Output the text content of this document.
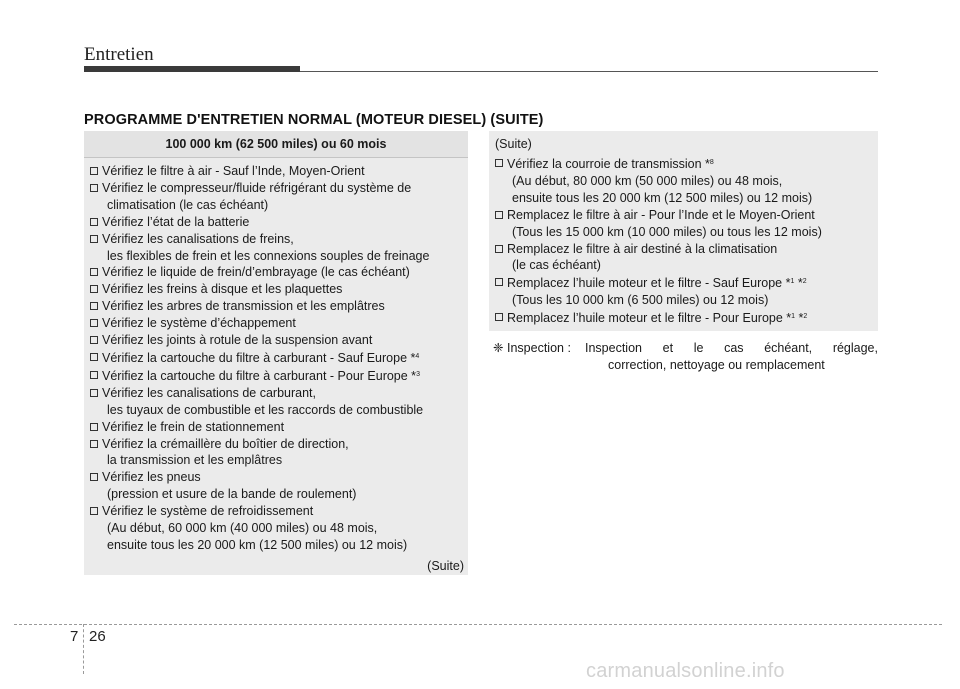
Entretien
PROGRAMME D'ENTRETIEN NORMAL (MOTEUR DIESEL) (SUITE)
100 000 km (62 500 miles) ou 60 mois
Vérifiez le filtre à air - Sauf l’Inde, Moyen-Orient
Vérifiez le compresseur/fluide réfrigérant du système de
climatisation (le cas échéant)
Vérifiez l’état de la batterie
Vérifiez les canalisations de freins,
les flexibles de frein et les connexions souples de freinage
Vérifiez le liquide de frein/d’embrayage (le cas échéant)
Vérifiez les freins à disque et les plaquettes
Vérifiez les arbres de transmission et les emplâtres
Vérifiez le système d’échappement
Vérifiez les joints à rotule de la suspension avant
Vérifiez la cartouche du filtre à carburant - Sauf Europe *$^4$
Vérifiez la cartouche du filtre à carburant - Pour Europe *$^3$
Vérifiez les canalisations de carburant,
les tuyaux de combustible et les raccords de combustible
Vérifiez le frein de stationnement
Vérifiez la crémaillère du boîtier de direction,
la transmission et les emplâtres
Vérifiez les pneus
(pression et usure de la bande de roulement)
Vérifiez le système de refroidissement
(Au début, 60 000 km (40 000 miles) ou 48 mois,
ensuite tous les 20 000 km (12 500 miles) ou 12 mois)
(Suite)
(Suite)
Vérifiez la courroie de transmission *$^8$
(Au début, 80 000 km (50 000 miles) ou 48 mois,
ensuite tous les 20 000 km (12 500 miles) ou 12 mois)
Remplacez le filtre à air - Pour l’Inde et le Moyen-Orient
(Tous les 15 000 km (10 000 miles) ou tous les 12 mois)
Remplacez le filtre à air destiné à la climatisation
(le cas échéant)
Remplacez l’huile moteur et le filtre - Sauf Europe *$^1$ *$^2$
(Tous les 10 000 km (6 500 miles) ou 12 mois)
Remplacez l’huile moteur et le filtre - Pour Europe *$^1$ *$^2$
❈ Inspection :	Inspection et le cas échéant, réglage,
correction, nettoyage ou remplacement
7 26
carmanualsonline.info
